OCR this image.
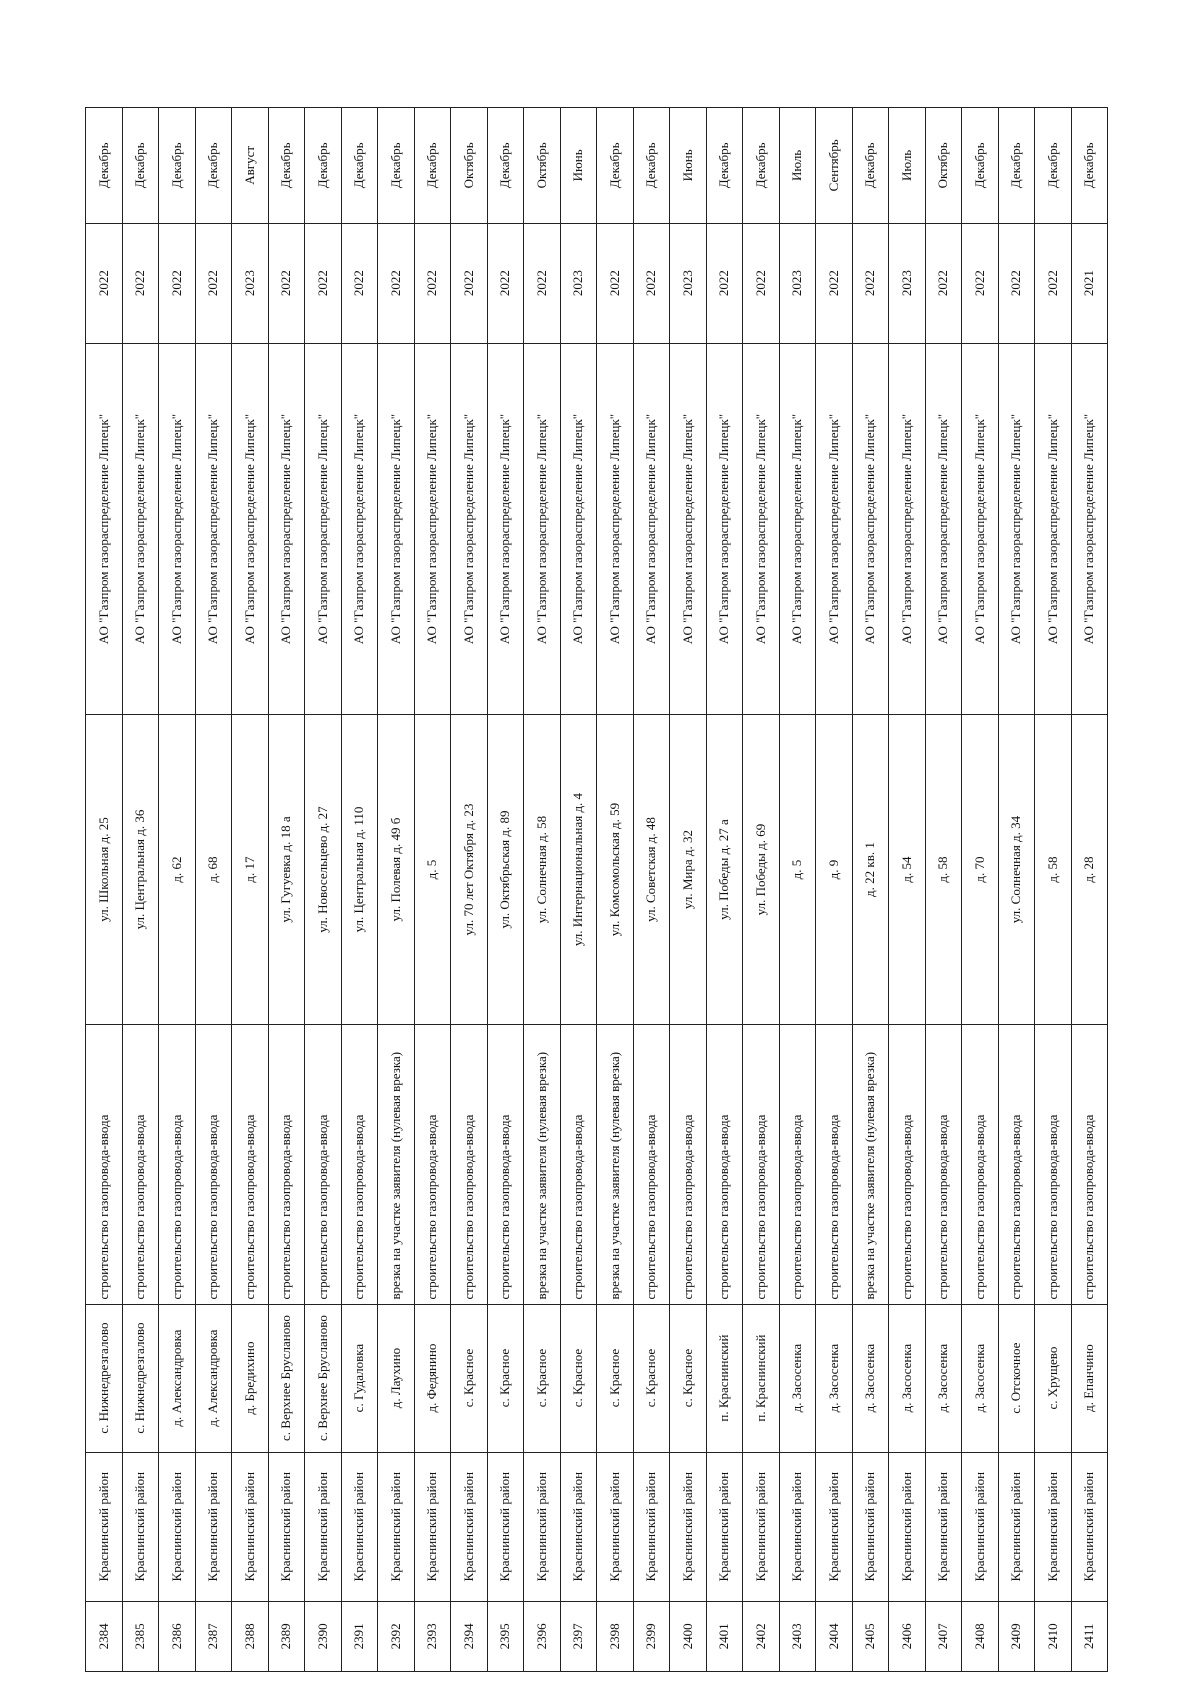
2384	Краснинский район	с. Нижнедрезгалово	строительство газопровода-ввода	ул. Школьная д. 25	АО "Газпром газораспределение Липецк"	2022	Декабрь
2385	Краснинский район	с. Нижнедрезгалово	строительство газопровода-ввода	ул. Центральная д. 36	АО "Газпром газораспределение Липецк"	2022	Декабрь
2386	Краснинский район	д. Александровка	строительство газопровода-ввода	д. 62	АО "Газпром газораспределение Липецк"	2022	Декабрь
2387	Краснинский район	д. Александровка	строительство газопровода-ввода	д. 68	АО "Газпром газораспределение Липецк"	2022	Декабрь
2388	Краснинский район	д. Бредихино	строительство газопровода-ввода	д. 17	АО "Газпром газораспределение Липецк"	2023	Август
2389	Краснинский район	с. Верхнее Брусланово	строительство газопровода-ввода	ул. Гугуевка д. 18 а	АО "Газпром газораспределение Липецк"	2022	Декабрь
2390	Краснинский район	с. Верхнее Брусланово	строительство газопровода-ввода	ул. Новосельцево д. 27	АО "Газпром газораспределение Липецк"	2022	Декабрь
2391	Краснинский район	с. Гудаловка	строительство газопровода-ввода	ул. Центральная д. 110	АО "Газпром газораспределение Липецк"	2022	Декабрь
2392	Краснинский район	д. Лаухино	врезка на участке заявителя (нулевая врезка)	ул. Полевая д. 49 б	АО "Газпром газораспределение Липецк"	2022	Декабрь
2393	Краснинский район	д. Федянино	строительство газопровода-ввода	д. 5	АО "Газпром газораспределение Липецк"	2022	Декабрь
2394	Краснинский район	с. Красное	строительство газопровода-ввода	ул. 70 лет Октября д. 23	АО "Газпром газораспределение Липецк"	2022	Октябрь
2395	Краснинский район	с. Красное	строительство газопровода-ввода	ул. Октябрьская д. 89	АО "Газпром газораспределение Липецк"	2022	Декабрь
2396	Краснинский район	с. Красное	врезка на участке заявителя (нулевая врезка)	ул. Солнечная д. 58	АО "Газпром газораспределение Липецк"	2022	Октябрь
2397	Краснинский район	с. Красное	строительство газопровода-ввода	ул. Интернациональная д. 4	АО "Газпром газораспределение Липецк"	2023	Июнь
2398	Краснинский район	с. Красное	врезка на участке заявителя (нулевая врезка)	ул. Комсомольская д. 59	АО "Газпром газораспределение Липецк"	2022	Декабрь
2399	Краснинский район	с. Красное	строительство газопровода-ввода	ул. Советская д. 48	АО "Газпром газораспределение Липецк"	2022	Декабрь
2400	Краснинский район	с. Красное	строительство газопровода-ввода	ул. Мира д. 32	АО "Газпром газораспределение Липецк"	2023	Июнь
2401	Краснинский район	п. Краснинский	строительство газопровода-ввода	ул. Победы д. 27 а	АО "Газпром газораспределение Липецк"	2022	Декабрь
2402	Краснинский район	п. Краснинский	строительство газопровода-ввода	ул. Победы д. 69	АО "Газпром газораспределение Липецк"	2022	Декабрь
2403	Краснинский район	д. Засосенка	строительство газопровода-ввода	д. 5	АО "Газпром газораспределение Липецк"	2023	Июль
2404	Краснинский район	д. Засосенка	строительство газопровода-ввода	д. 9	АО "Газпром газораспределение Липецк"	2022	Сентябрь
2405	Краснинский район	д. Засосенка	врезка на участке заявителя (нулевая врезка)	д. 22 кв. 1	АО "Газпром газораспределение Липецк"	2022	Декабрь
2406	Краснинский район	д. Засосенка	строительство газопровода-ввода	д. 54	АО "Газпром газораспределение Липецк"	2023	Июль
2407	Краснинский район	д. Засосенка	строительство газопровода-ввода	д. 58	АО "Газпром газораспределение Липецк"	2022	Октябрь
2408	Краснинский район	д. Засосенка	строительство газопровода-ввода	д. 70	АО "Газпром газораспределение Липецк"	2022	Декабрь
2409	Краснинский район	с. Отскочное	строительство газопровода-ввода	ул. Солнечная д. 34	АО "Газпром газораспределение Липецк"	2022	Декабрь
2410	Краснинский район	с. Хрущево	строительство газопровода-ввода	д. 58	АО "Газпром газораспределение Липецк"	2022	Декабрь
2411	Краснинский район	д. Епанчино	строительство газопровода-ввода	д. 28	АО "Газпром газораспределение Липецк"	2021	Декабрь
